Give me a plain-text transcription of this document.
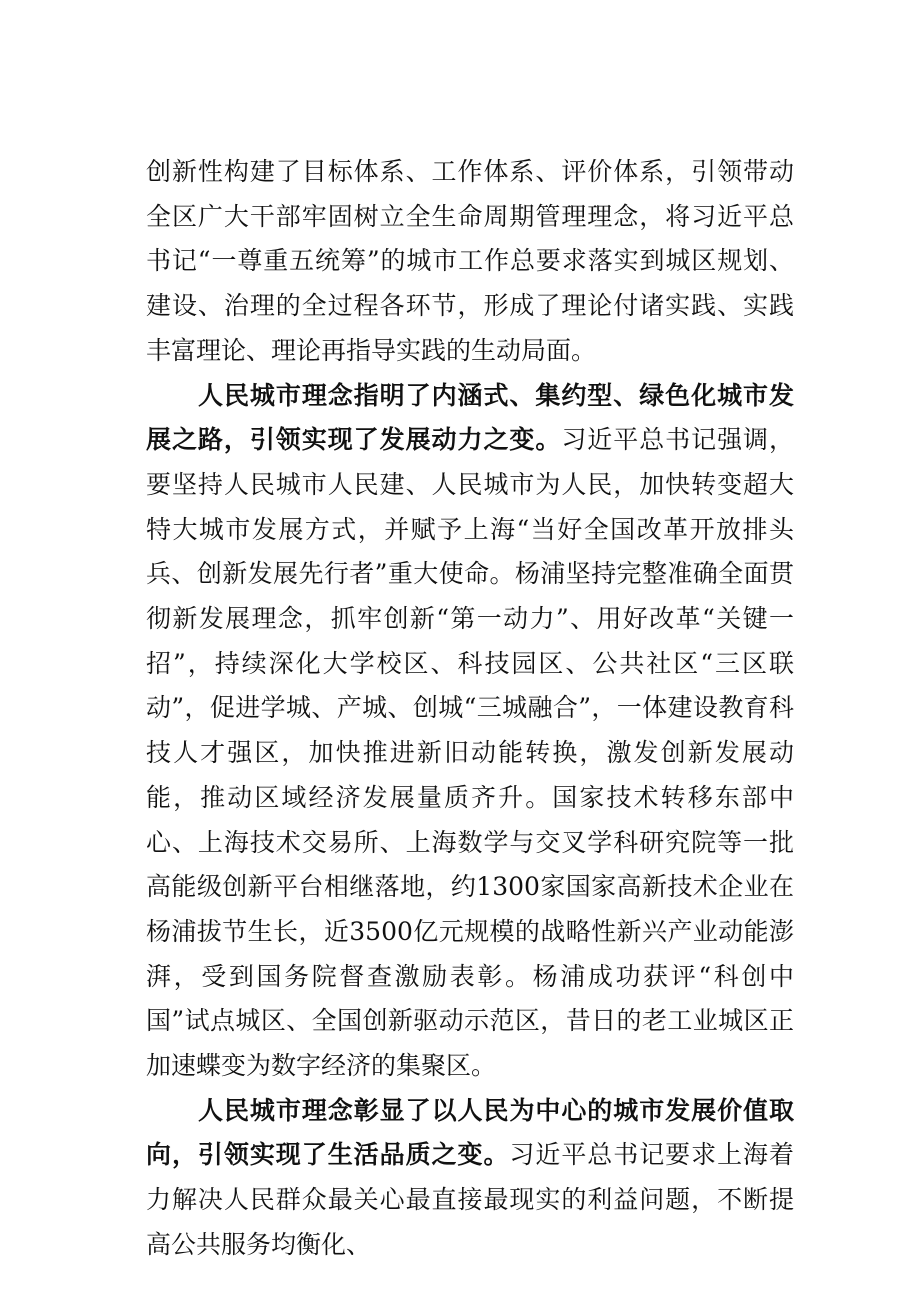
创新性构建了目标体系、工作体系、评价体系，引领带动全区广大干部牢固树立全生命周期管理理念，将习近平总书记“一尊重五统筹”的城市工作总要求落实到城区规划、建设、治理的全过程各环节，形成了理论付诸实践、实践丰富理论、理论再指导实践的生动局面。

人民城市理念指明了内涵式、集约型、绿色化城市发展之路，引领实现了发展动力之变。习近平总书记强调，要坚持人民城市人民建、人民城市为人民，加快转变超大特大城市发展方式，并赋予上海“当好全国改革开放排头兵、创新发展先行者”重大使命。杨浦坚持完整准确全面贯彻新发展理念，抓牢创新“第一动力”、用好改革“关键一招”，持续深化大学校区、科技园区、公共社区“三区联动”，促进学城、产城、创城“三城融合”，一体建设教育科技人才强区，加快推进新旧动能转换，激发创新发展动能，推动区域经济发展量质齐升。国家技术转移东部中心、上海技术交易所、上海数学与交叉学科研究院等一批高能级创新平台相继落地，约1300家国家高新技术企业在杨浦拔节生长，近3500亿元规模的战略性新兴产业动能澎湃，受到国务院督查激励表彰。杨浦成功获评“科创中国”试点城区、全国创新驱动示范区，昔日的老工业城区正加速蝶变为数字经济的集聚区。

人民城市理念彰显了以人民为中心的城市发展价值取向，引领实现了生活品质之变。习近平总书记要求上海着力解决人民群众最关心最直接最现实的利益问题，不断提高公共服务均衡化、
